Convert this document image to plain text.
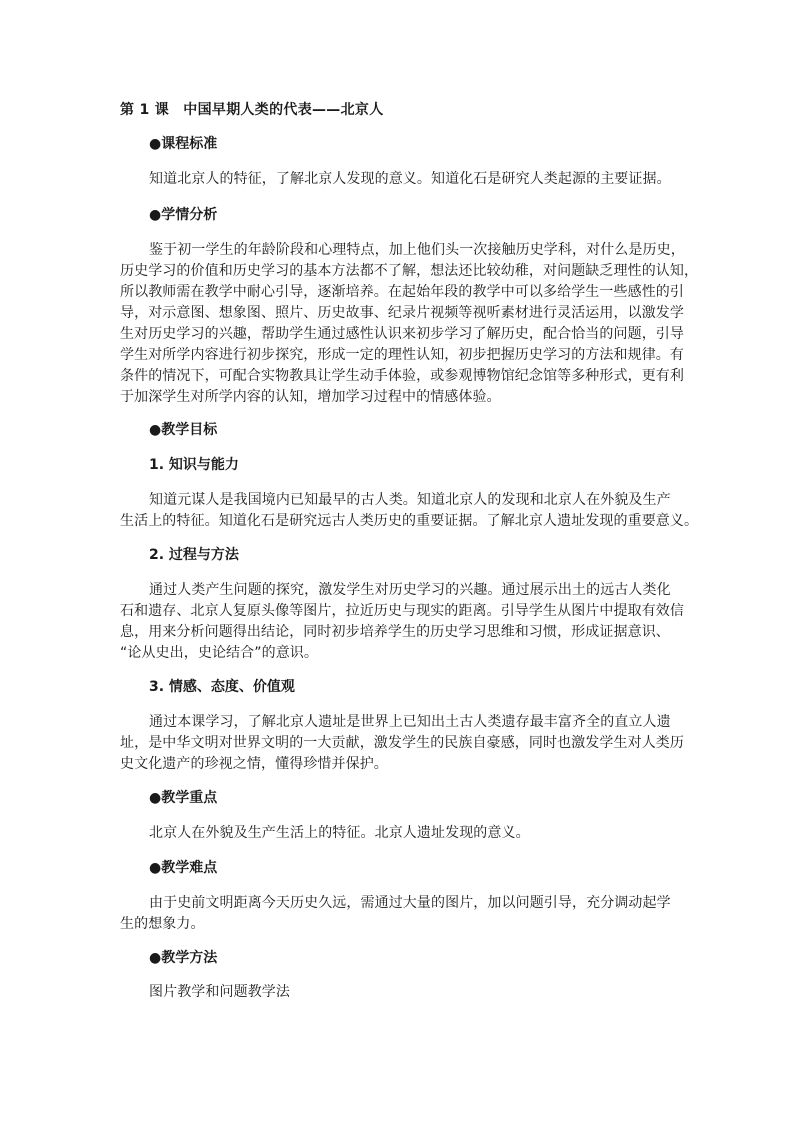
第 1 课　中国早期人类的代表——北京人
●课程标准
知道北京人的特征，了解北京人发现的意义。知道化石是研究人类起源的主要证据。
●学情分析
鉴于初一学生的年龄阶段和心理特点，加上他们头一次接触历史学科，对什么是历史，
历史学习的价值和历史学习的基本方法都不了解，想法还比较幼稚，对问题缺乏理性的认知，
所以教师需在教学中耐心引导，逐渐培养。在起始年段的教学中可以多给学生一些感性的引
导，对示意图、想象图、照片、历史故事、纪录片视频等视听素材进行灵活运用，以激发学
生对历史学习的兴趣，帮助学生通过感性认识来初步学习了解历史，配合恰当的问题，引导
学生对所学内容进行初步探究，形成一定的理性认知，初步把握历史学习的方法和规律。有
条件的情况下，可配合实物教具让学生动手体验，或参观博物馆纪念馆等多种形式，更有利
于加深学生对所学内容的认知，增加学习过程中的情感体验。
●教学目标
1. 知识与能力
知道元谋人是我国境内已知最早的古人类。知道北京人的发现和北京人在外貌及生产
生活上的特征。知道化石是研究远古人类历史的重要证据。了解北京人遗址发现的重要意义。
2. 过程与方法
通过人类产生问题的探究，激发学生对历史学习的兴趣。通过展示出土的远古人类化
石和遗存、北京人复原头像等图片，拉近历史与现实的距离。引导学生从图片中提取有效信
息，用来分析问题得出结论，同时初步培养学生的历史学习思维和习惯，形成证据意识、
“论从史出，史论结合”的意识。
3. 情感、态度、价值观
通过本课学习，了解北京人遗址是世界上已知出土古人类遗存最丰富齐全的直立人遗
址，是中华文明对世界文明的一大贡献，激发学生的民族自豪感，同时也激发学生对人类历
史文化遗产的珍视之情，懂得珍惜并保护。
●教学重点
北京人在外貌及生产生活上的特征。北京人遗址发现的意义。
●教学难点
由于史前文明距离今天历史久远，需通过大量的图片，加以问题引导，充分调动起学
生的想象力。
●教学方法
图片教学和问题教学法
